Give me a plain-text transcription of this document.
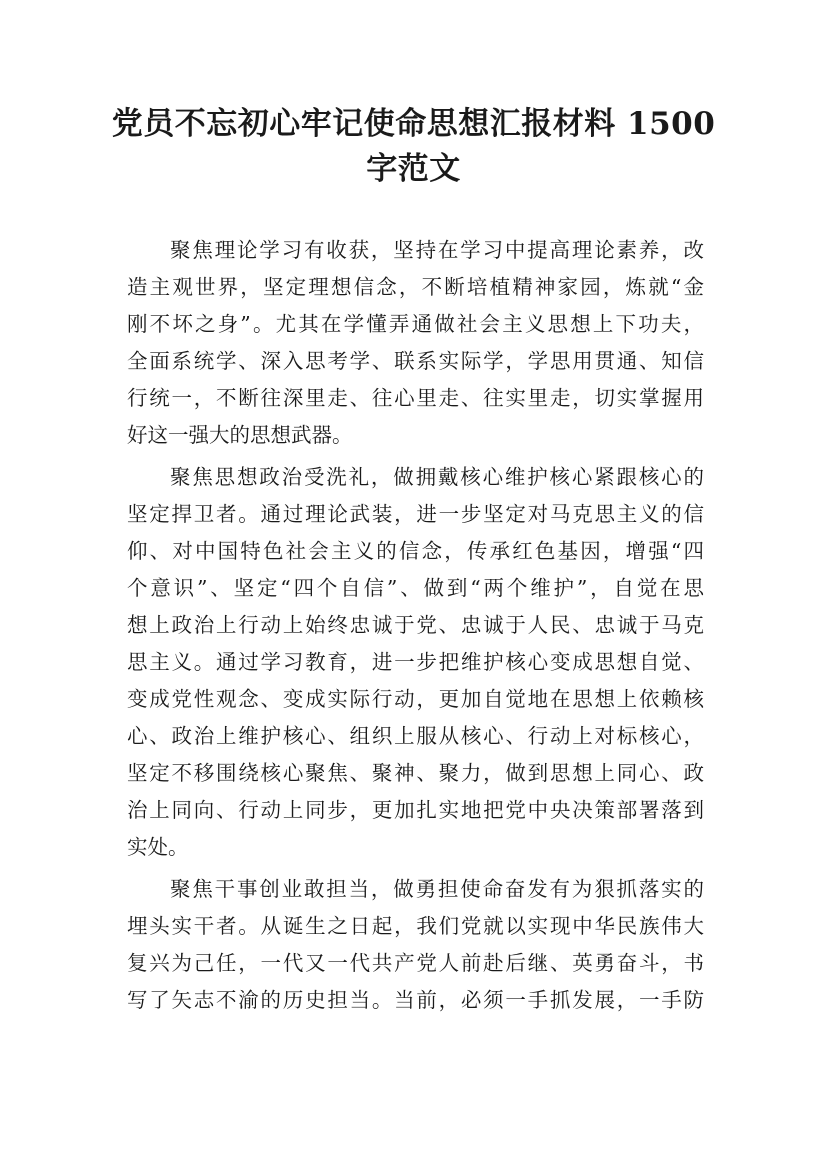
党员不忘初心牢记使命思想汇报材料 1500
字范文
聚焦理论学习有收获，坚持在学习中提高理论素养，改
造主观世界，坚定理想信念，不断培植精神家园，炼就“金
刚不坏之身”。尤其在学懂弄通做社会主义思想上下功夫，
全面系统学、深入思考学、联系实际学，学思用贯通、知信
行统一，不断往深里走、往心里走、往实里走，切实掌握用
好这一强大的思想武器。
聚焦思想政治受洗礼，做拥戴核心维护核心紧跟核心的
坚定捍卫者。通过理论武装，进一步坚定对马克思主义的信
仰、对中国特色社会主义的信念，传承红色基因，增强“四
个意识”、坚定“四个自信”、做到“两个维护”，自觉在思
想上政治上行动上始终忠诚于党、忠诚于人民、忠诚于马克
思主义。通过学习教育，进一步把维护核心变成思想自觉、
变成党性观念、变成实际行动，更加自觉地在思想上依赖核
心、政治上维护核心、组织上服从核心、行动上对标核心，
坚定不移围绕核心聚焦、聚神、聚力，做到思想上同心、政
治上同向、行动上同步，更加扎实地把党中央决策部署落到
实处。
聚焦干事创业敢担当，做勇担使命奋发有为狠抓落实的
埋头实干者。从诞生之日起，我们党就以实现中华民族伟大
复兴为己任，一代又一代共产党人前赴后继、英勇奋斗，书
写了矢志不渝的历史担当。当前，必须一手抓发展，一手防
